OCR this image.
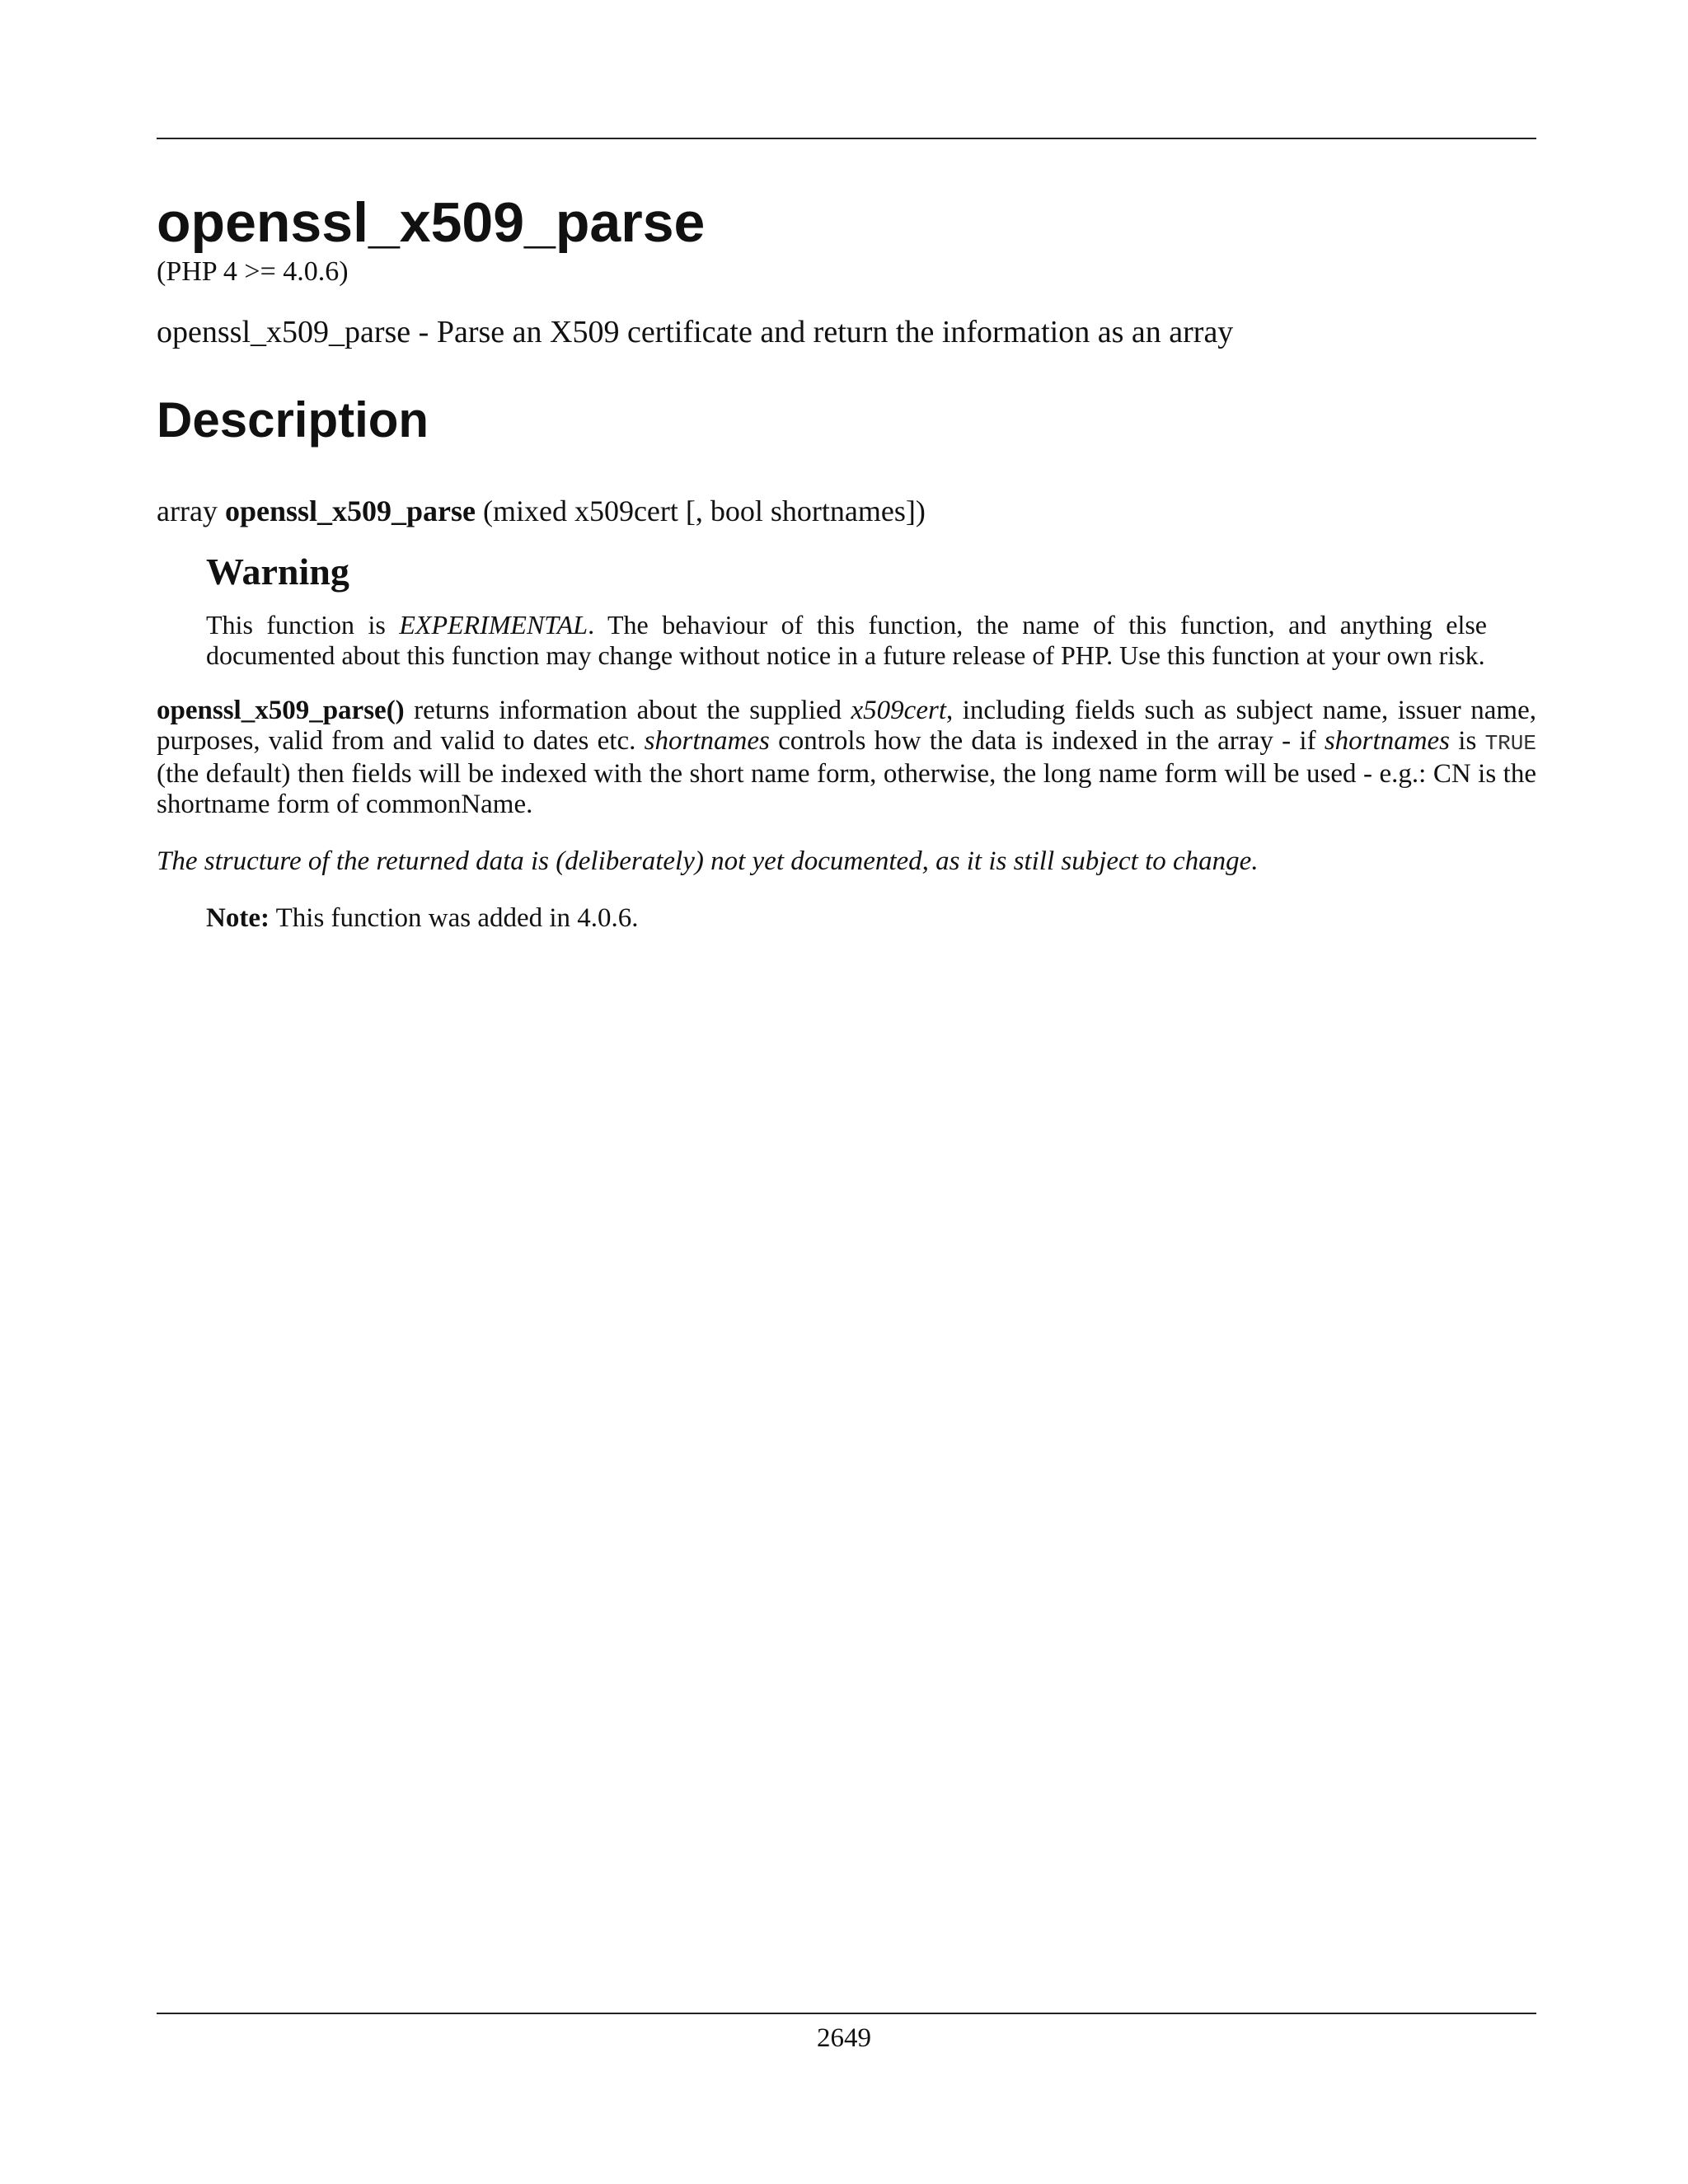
openssl_x509_parse

(PHP 4 >= 4.0.6)

openssl_x509_parse - Parse an X509 certificate and return the information as an array

Description

array openssl_x509_parse (mixed x509cert [, bool shortnames])

Warning

This function is EXPERIMENTAL. The behaviour of this function, the name of this function, and anything else documented about this function may change without notice in a future release of PHP. Use this function at your own risk.

openssl_x509_parse() returns information about the supplied x509cert, including fields such as subject name, issuer name, purposes, valid from and valid to dates etc. shortnames controls how the data is indexed in the array - if shortnames is TRUE (the default) then fields will be indexed with the short name form, otherwise, the long name form will be used - e.g.: CN is the shortname form of commonName.

The structure of the returned data is (deliberately) not yet documented, as it is still subject to change.

Note: This function was added in 4.0.6.

2649
